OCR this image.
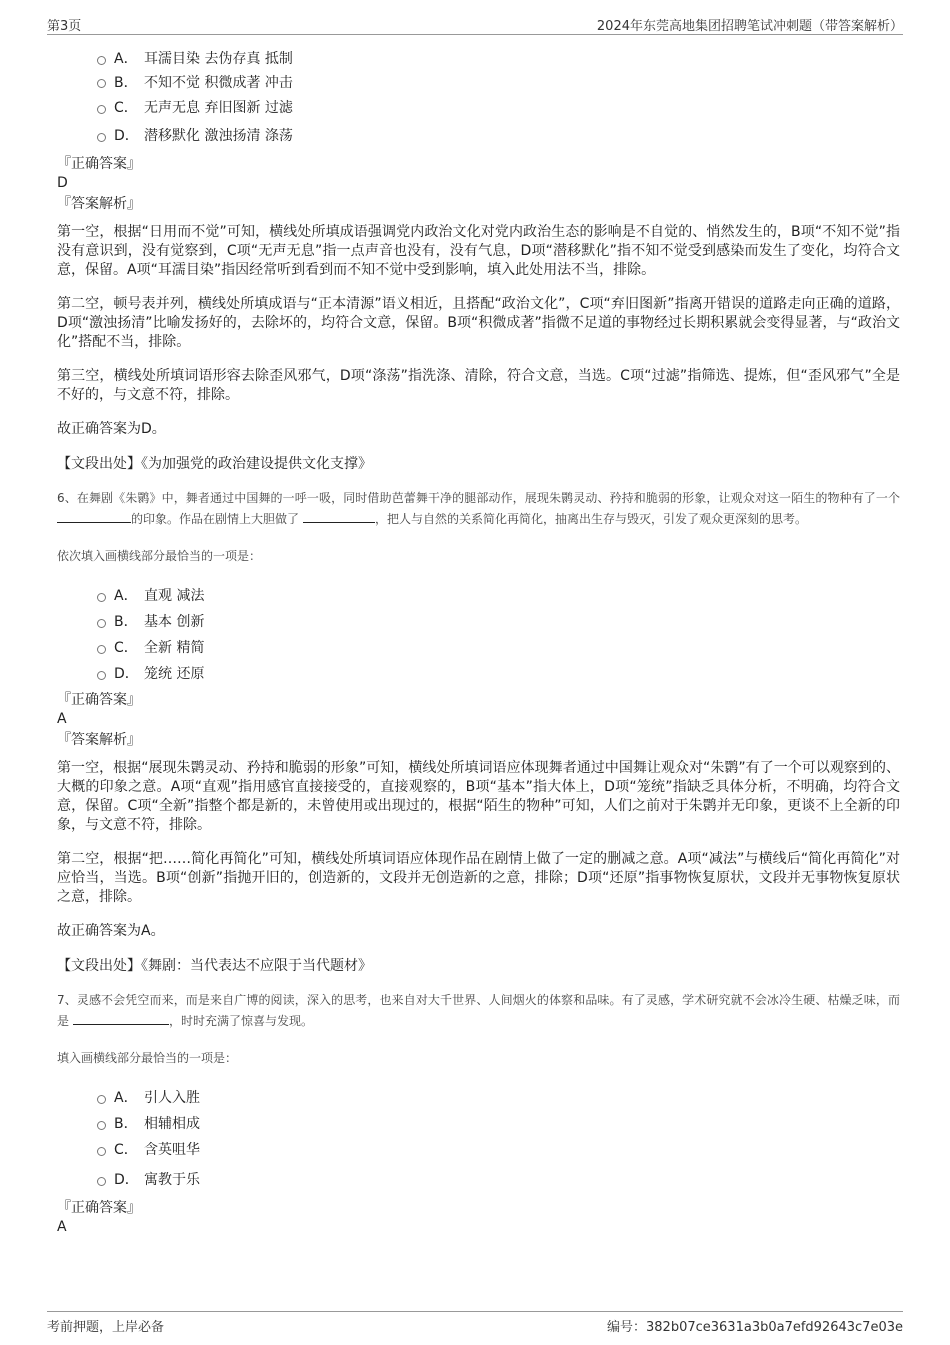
第3页	2024年东莞高地集团招聘笔试冲刺题（带答案解析）
A． 耳濡目染 去伪存真 抵制
B． 不知不觉 积微成著 冲击
C． 无声无息 弃旧图新 过滤
D． 潜移默化 激浊扬清 涤荡
『正确答案』
D
『答案解析』

第一空，根据“日用而不觉”可知，横线处所填成语强调党内政治文化对党内政治生态的影响是不自觉的、悄然发生的，B项“不知不觉”指没有意识到，没有觉察到，C项“无声无息”指一点声音也没有，没有气息，D项“潜移默化”指不知不觉受到感染而发生了变化，均符合文意，保留。A项“耳濡目染”指因经常听到看到而不知不觉中受到影响，填入此处用法不当，排除。

第二空，顿号表并列，横线处所填成语与“正本清源”语义相近，且搭配“政治文化”，C项“弃旧图新”指离开错误的道路走向正确的道路，D项“激浊扬清”比喻发扬好的，去除坏的，均符合文意，保留。B项“积微成著”指微不足道的事物经过长期积累就会变得显著，与“政治文化”搭配不当，排除。

第三空，横线处所填词语形容去除歪风邪气，D项“涤荡”指洗涤、清除，符合文意，当选。C项“过滤”指筛选、提炼，但“歪风邪气”全是不好的，与文意不符，排除。

故正确答案为D。

【文段出处】《为加强党的政治建设提供文化支撑》
6、在舞剧《朱鹮》中，舞者通过中国舞的一呼一吸，同时借助芭蕾舞干净的腿部动作，展现朱鹮灵动、矜持和脆弱的形象，让观众对这一陌生的物种有了一个的印象。作品在剧情上大胆做了	，把人与自然的关系简化再简化，抽离出生存与毁灭，引发了观众更深刻的思考。
依次填入画横线部分最恰当的一项是：
A． 直观 减法
B． 基本 创新
C． 全新 精简
D． 笼统 还原
『正确答案』
A
『答案解析』

第一空，根据“展现朱鹮灵动、矜持和脆弱的形象”可知，横线处所填词语应体现舞者通过中国舞让观众对“朱鹮”有了一个可以观察到的、大概的印象之意。A项“直观”指用感官直接接受的，直接观察的，B项“基本”指大体上，D项“笼统”指缺乏具体分析，不明确，均符合文意，保留。C项“全新”指整个都是新的，未曾使用或出现过的，根据“陌生的物种”可知，人们之前对于朱鹮并无印象，更谈不上全新的印象，与文意不符，排除。

第二空，根据“把……简化再简化”可知，横线处所填词语应体现作品在剧情上做了一定的删减之意。A项“减法”与横线后“简化再简化”对应恰当，当选。B项“创新”指抛开旧的，创造新的，文段并无创造新的之意，排除；D项“还原”指事物恢复原状，文段并无事物恢复原状之意，排除。

故正确答案为A。

【文段出处】《舞剧：当代表达不应限于当代题材》
7、灵感不会凭空而来，而是来自广博的阅读，深入的思考，也来自对大千世界、人间烟火的体察和品味。有了灵感，学术研究就不会冰冷生硬、枯燥乏味，而是	，时时充满了惊喜与发现。
填入画横线部分最恰当的一项是：
A． 引人入胜
B． 相辅相成
C． 含英咀华
D． 寓教于乐
『正确答案』
A
考前押题，上岸必备	编号：382b07ce3631a3b0a7efd92643c7e03e
